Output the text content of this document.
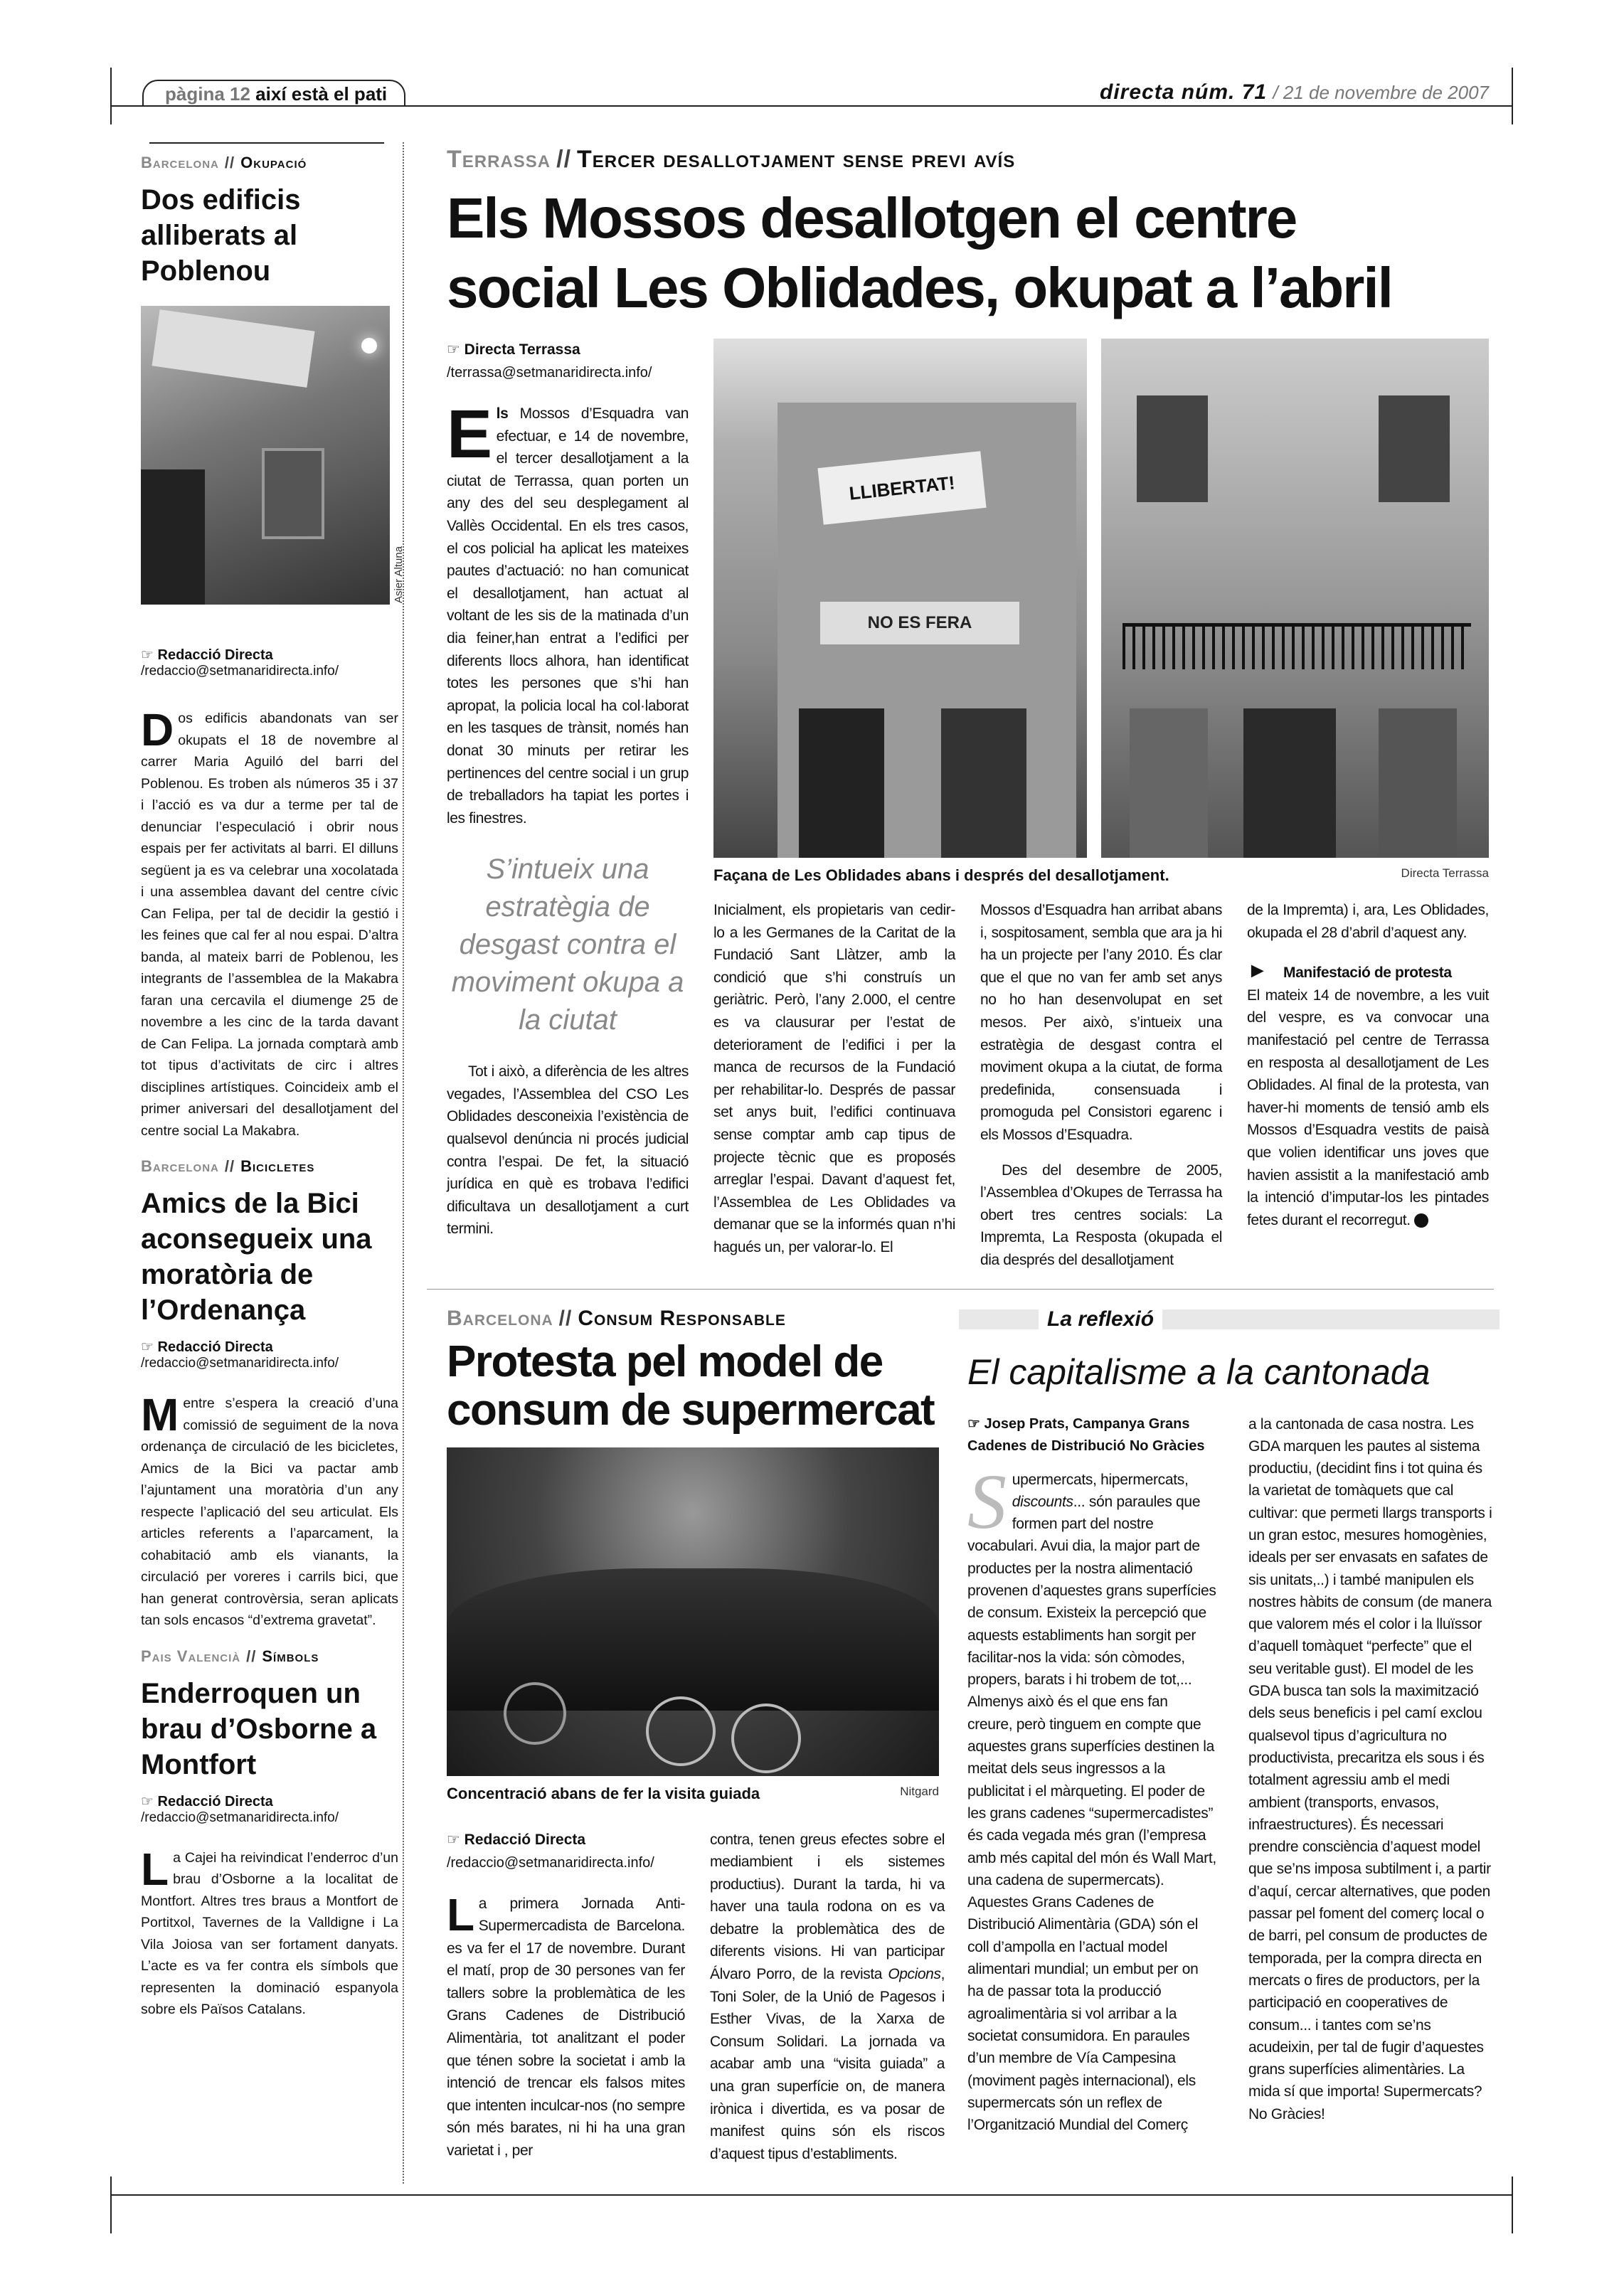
pàgina 12 així està el pati	directa núm. 71 / 21 de novembre de 2007
Barcelona // Okupació
Dos edificis alliberats al Poblenou
Asier Altuna
☞ Redacció Directa
/redaccio@setmanaridirecta.info/
Dos edificis abandonats van ser okupats el 18 de novembre al carrer Maria Aguiló del barri del Poblenou. Es troben als números 35 i 37 i l’acció es va dur a terme per tal de denunciar l’especulació i obrir nous espais per fer activitats al barri. El dilluns següent ja es va celebrar una xocolatada i una assemblea davant del centre cívic Can Felipa, per tal de decidir la gestió i les feines que cal fer al nou espai. D’altra banda, al mateix barri de Poblenou, les integrants de l’assemblea de la Makabra faran una cercavila el diumenge 25 de novembre a les cinc de la tarda davant de Can Felipa. La jornada comptarà amb tot tipus d’activitats de circ i altres disciplines artístiques. Coincideix amb el primer aniversari del desallotjament del centre social La Makabra.
Barcelona // Bicicletes
Amics de la Bici aconsegueix una moratòria de l’Ordenança
☞ Redacció Directa
/redaccio@setmanaridirecta.info/
Mentre s’espera la creació d’una comissió de seguiment de la nova ordenança de circulació de les bicicletes, Amics de la Bici va pactar amb l’ajuntament una moratòria d’un any respecte l’aplicació del seu articulat. Els articles referents a l’aparcament, la cohabitació amb els vianants, la circulació per voreres i carrils bici, que han generat controvèrsia, seran aplicats tan sols encasos “d’extrema gravetat”.
Pais Valencià // Símbols
Enderroquen un brau d’Osborne a Montfort
☞ Redacció Directa
/redaccio@setmanaridirecta.info/
La Cajei ha reivindicat l’enderroc d’un brau d’Osborne a la localitat de Montfort. Altres tres braus a Montfort de Portitxol, Tavernes de la Valldigne i La Vila Joiosa van ser fortament danyats. L’acte es va fer contra els símbols que representen la dominació espanyola sobre els Països Catalans.
Terrassa // Tercer desallotjament sense previ avís
Els Mossos desallotgen el centre
social Les Oblidades, okupat a l’abril
☞ Directa Terrassa
/terrassa@setmanaridirecta.info/
Els Mossos d’Esquadra van efectuar, e 14 de novembre, el tercer desallotjament a la ciutat de Terrassa, quan porten un any des del seu desplegament al Vallès Occidental. En els tres casos, el cos policial ha aplicat les mateixes pautes d’actuació: no han comunicat el desallotjament, han actuat al voltant de les sis de la matinada d’un dia feiner,han entrat a l’edifici per diferents llocs alhora, han identificat totes les persones que s’hi han apropat, la policia local ha col·laborat en les tasques de trànsit, només han donat 30 minuts per retirar les pertinences del centre social i un grup de treballadors ha tapiat les portes i les finestres.
S’intueix una estratègia de desgast contra el moviment okupa a la ciutat
Tot i això, a diferència de les altres vegades, l’Assemblea del CSO Les Oblidades desconeixia l’existència de qualsevol denúncia ni procés judicial contra l’espai. De fet, la situació jurídica en què es trobava l’edifici dificultava un desallotjament a curt termini.
LLIBERTAT!
NO ES FERA
Façana de Les Oblidades abans i després del desallotjament.	Directa Terrassa
Inicialment, els propietaris van cedir-lo a les Germanes de la Caritat de la Fundació Sant Llàtzer, amb la condició que s’hi construís un geriàtric. Però, l’any 2.000, el centre es va clausurar per l’estat de deteriorament de l’edifici i per la manca de recursos de la Fundació per rehabilitar-lo. Després de passar set anys buit, l’edifici continuava sense comptar amb cap tipus de projecte tècnic que es proposés arreglar l’espai. Davant d’aquest fet, l’Assemblea de Les Oblidades va demanar que se la informés quan n’hi hagués un, per valorar-lo. El
Mossos d’Esquadra han arribat abans i, sospitosament, sembla que ara ja hi ha un projecte per l’any 2010. És clar que el que no van fer amb set anys no ho han desenvolupat en set mesos. Per això, s’intueix una estratègia de desgast contra el moviment okupa a la ciutat, de forma predefinida, consensuada i promoguda pel Consistori egarenc i els Mossos d’Esquadra.
Des del desembre de 2005, l’Assemblea d’Okupes de Terrassa ha obert tres centres socials: La Impremta, La Resposta (okupada el dia després del desallotjament
de la Impremta) i, ara, Les Oblidades, okupada el 28 d’abril d’aquest any.
► Manifestació de protesta
El mateix 14 de novembre, a les vuit del vespre, es va convocar una manifestació pel centre de Terrassa en resposta al desallotjament de Les Oblidades. Al final de la protesta, van haver-hi moments de tensió amb els Mossos d’Esquadra vestits de paisà que volien identificar uns joves que havien assistit a la manifestació amb la intenció d’imputar-los les pintades fetes durant el recorregut.
Barcelona // Consum Responsable
Protesta pel model de consum de supermercat
Concentració abans de fer la visita guiada	Nitgard
☞ Redacció Directa
/redaccio@setmanaridirecta.info/
La primera Jornada Anti-Supermercadista de Barcelona. es va fer el 17 de novembre. Durant el matí, prop de 30 persones van fer tallers sobre la problemàtica de les Grans Cadenes de Distribució Alimentària, tot analitzant el poder que ténen sobre la societat i amb la intenció de trencar els falsos mites que intenten inculcar-nos (no sempre són més barates, ni hi ha una gran varietat i , per
contra, tenen greus efectes sobre el mediambient i els sistemes productius). Durant la tarda, hi va haver una taula rodona on es va debatre la problemàtica des de diferents visions. Hi van participar Álvaro Porro, de la revista Opcions, Toni Soler, de la Unió de Pagesos i Esther Vivas, de la Xarxa de Consum Solidari. La jornada va acabar amb una “visita guiada” a una gran superfície on, de manera irònica i divertida, es va posar de manifest quins són els riscos d’aquest tipus d’establiments.
La reflexió
El capitalisme a la cantonada
☞ Josep Prats, Campanya Grans Cadenes de Distribució No Gràcies
Supermercats, hipermercats, discounts... són paraules que formen part del nostre vocabulari. Avui dia, la major part de productes per la nostra alimentació provenen d’aquestes grans superfícies de consum. Existeix la percepció que aquests establiments han sorgit per facilitar-nos la vida: són còmodes, propers, barats i hi trobem de tot,... Almenys això és el que ens fan creure, però tinguem en compte que aquestes grans superfícies destinen la meitat dels seus ingressos a la publicitat i el màrqueting. El poder de les grans cadenes “supermercadistes” és cada vegada més gran (l’empresa amb més capital del món és Wall Mart, una cadena de supermercats). Aquestes Grans Cadenes de Distribució Alimentària (GDA) són el coll d’ampolla en l’actual model alimentari mundial; un embut per on ha de passar tota la producció agroalimentària si vol arribar a la societat consumidora. En paraules d’un membre de Vía Campesina (moviment pagès internacional), els supermercats són un reflex de l’Organització Mundial del Comerç
a la cantonada de casa nostra. Les GDA marquen les pautes al sistema productiu, (decidint fins i tot quina és la varietat de tomàquets que cal cultivar: que permeti llargs transports i un gran estoc, mesures homogènies, ideals per ser envasats en safates de sis unitats,..) i també manipulen els nostres hàbits de consum (de manera que valorem més el color i la lluïssor d’aquell tomàquet “perfecte” que el seu veritable gust). El model de les GDA busca tan sols la maximització dels seus beneficis i pel camí exclou qualsevol tipus d’agricultura no productivista, precaritza els sous i és totalment agressiu amb el medi ambient (transports, envasos, infraestructures). És necessari prendre consciència d’aquest model que se’ns imposa subtilment i, a partir d’aquí, cercar alternatives, que poden passar pel foment del comerç local o de barri, pel consum de productes de temporada, per la compra directa en mercats o fires de productors, per la participació en cooperatives de consum... i tantes com se’ns acudeixin, per tal de fugir d’aquestes grans superfícies alimentàries. La mida sí que importa! Supermercats? No Gràcies!
